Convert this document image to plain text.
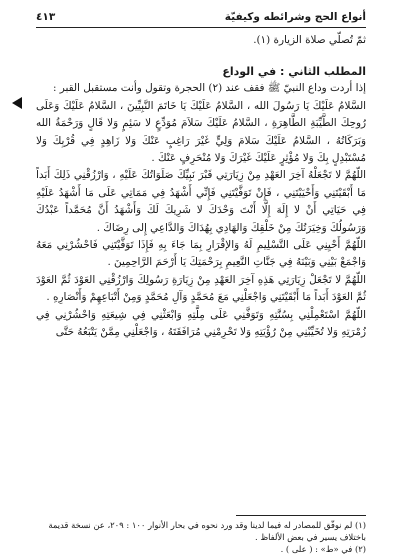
أنواع الحج وشرائطه وكيفيّة
٤١٣

ثمّ تُصلّي صلاة الزيارة (١).

المطلب الثاني : في الوداع

إذا أردت وداع النبيّ ﷺ فقف عند (٢) الحجرة وتقول وأنت مستقبل القبر :

السَّلامُ عَلَيْكَ يَا رَسُولَ الله ، السَّلامُ عَلَيْكَ يَا خَاتَمَ النَّبِيِّينَ ، السَّلامُ عَلَيْكَ وَعَلَى رُوحِكَ الطَّيِّبَةِ الطَّاهِرَةِ ، السَّلامُ عَلَيْكَ سَلاَمَ مُوَدِّعٍ لا سَئِمٍ وَلا قَالٍ وَرَحْمَةُ الله وَبَرَكَاتُهُ ، السَّلامُ عَلَيْكَ سَلامَ وَلِيٍّ غَيْرَ رَاغِبٍ عَنْكَ وَلا زَاهِدٍ فِي قُرْبِكَ وَلا مُسْتَبْدِلٍ بِكَ وَلا مُؤْثِرٍ عَلَيْكَ غَيْرَكَ وَلا مُنْحَرِفٍ عَنْكَ .

اللّهُمَّ لا تَجْعَلْهُ آخِرَ العَهْدِ مِنْ زِيَارَتِي قَبْرَ نَبِيِّكَ صَلَوَاتُكَ عَلَيْهِ ، وَارْزُقْنِي ذَلِكَ أَبَداً مَا أَبْقَيْتَنِي وَأَحْيَيْتَنِي ، فَإِنْ تَوَفَّيْتَنِي فَإِنِّي أَشْهَدُ فِي مَمَاتِي عَلَى مَا أَشْهَدُ عَلَيْهِ فِي حَيَاتِي أَنْ لا إِلَهَ إِلَّا أَنْتَ وَحْدَكَ لا شَرِيكَ لَكَ وَأَشْهَدُ أَنَّ مُحَمَّداً عَبْدُكَ وَرَسُولُكَ وَخِيَرَتُكَ مِنْ خَلْقِكَ وَالهَادِي بِهُدَاكَ وَالدَّاعِي إِلى رِضَاكَ .

اللّهُمَّ أَحْيِنِي عَلَى التَّسْلِيمِ لَهُ وَالإقْرَارِ بِمَا جَاءَ بِهِ فَإِذَا تَوَفَّيْتَنِي فَاحْشُرْنِي مَعَهُ وَاجْمَعْ بَيْنِي وَبَيْنَهُ فِي جَنَّاتِ النَّعِيمِ بِرَحْمَتِكَ يَا أَرْحَمَ الرَّاحِمِينَ .

اللّهُمَّ لا تَجْعَلْ زِيَارَتِي هَذِهِ آخِرَ العَهْدِ مِنْ زِيَارَةِ رَسُولِكَ وَارْزُقْنِي العَوْدَ ثُمَّ العَوْدَ ثُمَّ العَوْدَ أَبَداً مَا أَبْقَيْتَنِي وَاجْعَلْنِي مَعَ مُحَمَّدٍ وَآلِ مُحَمَّدٍ وَمِنْ أَتْبَاعِهِمْ وَأَنْصَارِهِ .

اللّهُمَّ اسْتَعْمِلْنِي بِسُنَّتِهِ وَتَوَفَّنِي عَلَى مِلَّتِهِ وَابْعَثْنِي فِي شِيعَتِهِ وَاحْشُرْنِي فِي زُمْرَتِهِ وَلا تُخَيِّبْنِي مِنْ رُؤْيَتِهِ وَلا تَحْرِمْنِي مُرَافَقَتَهُ ، وَاجْعَلْنِي مِمَّنْ يَتْبَعُهُ حَتَّى

(١) لم نوفّق للمصادر له فيما لدينا وقد ورد نحوه في بحار الأنوار ١٠٠ : ٢٠٩، عن نسخة قديمة باختلاف يسير في بعض الألفاظ .

(٢) في «ط» : ( على ) .
